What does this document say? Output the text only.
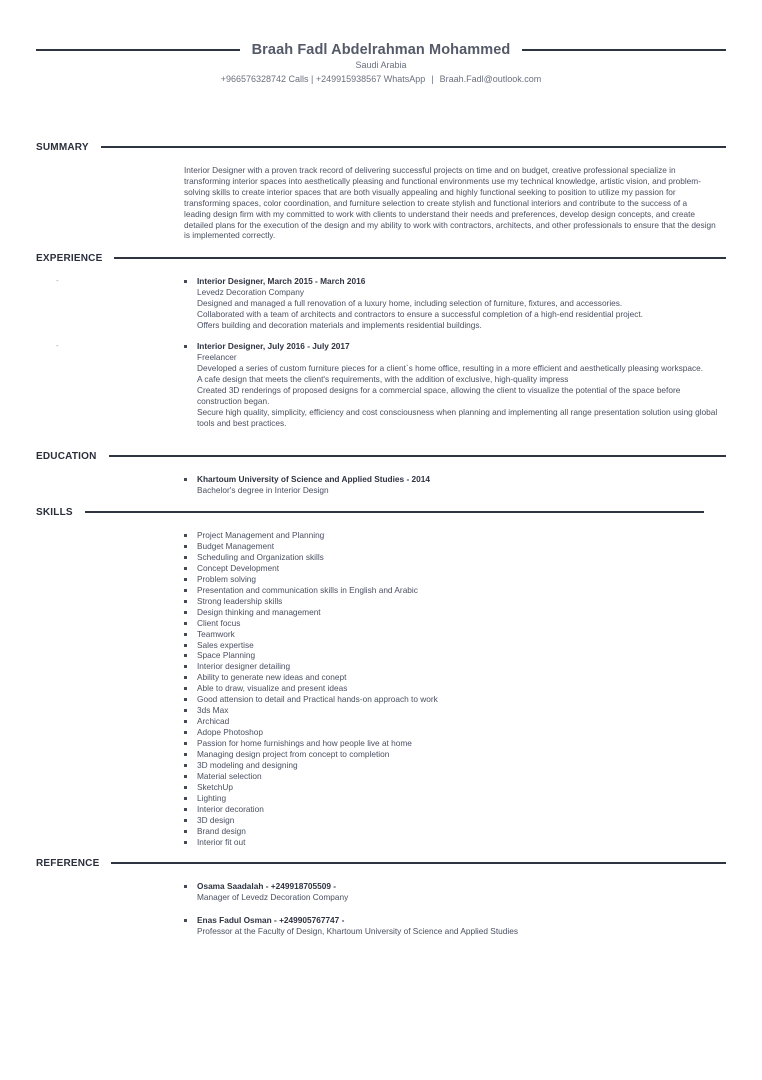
Braah Fadl Abdelrahman Mohammed
Saudi Arabia
+966576328742 Calls | +249915938567 WhatsApp | Braah.Fadl@outlook.com
SUMMARY
Interior Designer with a proven track record of delivering successful projects on time and on budget, creative professional specialize in transforming interior spaces into aesthetically pleasing and functional environments use my technical knowledge, artistic vision, and problem-solving skills to create interior spaces that are both visually appealing and highly functional seeking to position to utilize my passion for transforming spaces, color coordination, and furniture selection to create stylish and functional interiors and contribute to the success of a leading design firm with my committed to work with clients to understand their needs and preferences, develop design concepts, and create detailed plans for the execution of the design and my ability to work with contractors, architects, and other professionals to ensure that the design is implemented correctly.
EXPERIENCE
-	Interior Designer, March 2015 - March 2016
Levedz Decoration Company
Designed and managed a full renovation of a luxury home, including selection of furniture, fixtures, and accessories.
Collaborated with a team of architects and contractors to ensure a successful completion of a high-end residential project.
Offers building and decoration materials and implements residential buildings.
-	Interior Designer, July 2016 - July 2017
Freelancer
Developed a series of custom furniture pieces for a client`s home office, resulting in a more efficient and aesthetically pleasing workspace.
A cafe design that meets the client's requirements, with the addition of exclusive, high-quality impress
Created 3D renderings of proposed designs for a commercial space, allowing the client to visualize the potential of the space before construction began.
Secure high quality, simplicity, efficiency and cost consciousness when planning and implementing all range presentation solution using global tools and best practices.
EDUCATION
Khartoum University of Science and Applied Studies - 2014
Bachelor's degree in Interior Design
SKILLS
Project Management and Planning
Budget Management
Scheduling and Organization skills
Concept Development
Problem solving
Presentation and communication skills in English and Arabic
Strong leadership skills
Design thinking and management
Client focus
Teamwork
Sales expertise
Space Planning
Interior designer detailing
Ability to generate new ideas and conept
Able to draw, visualize and present ideas
Good attension to detail and Practical hands-on approach to work
3ds Max
Archicad
Adope Photoshop
Passion for home furnishings and how people live at home
Managing design project from concept to completion
3D modeling and designing
Material selection
SketchUp
Lighting
Interior decoration
3D design
Brand design
Interior fit out
REFERENCE
Osama Saadalah - +249918705509 -
Manager of Levedz Decoration Company
Enas Fadul Osman - +249905767747 -
Professor at the Faculty of Design, Khartoum University of Science and Applied Studies
